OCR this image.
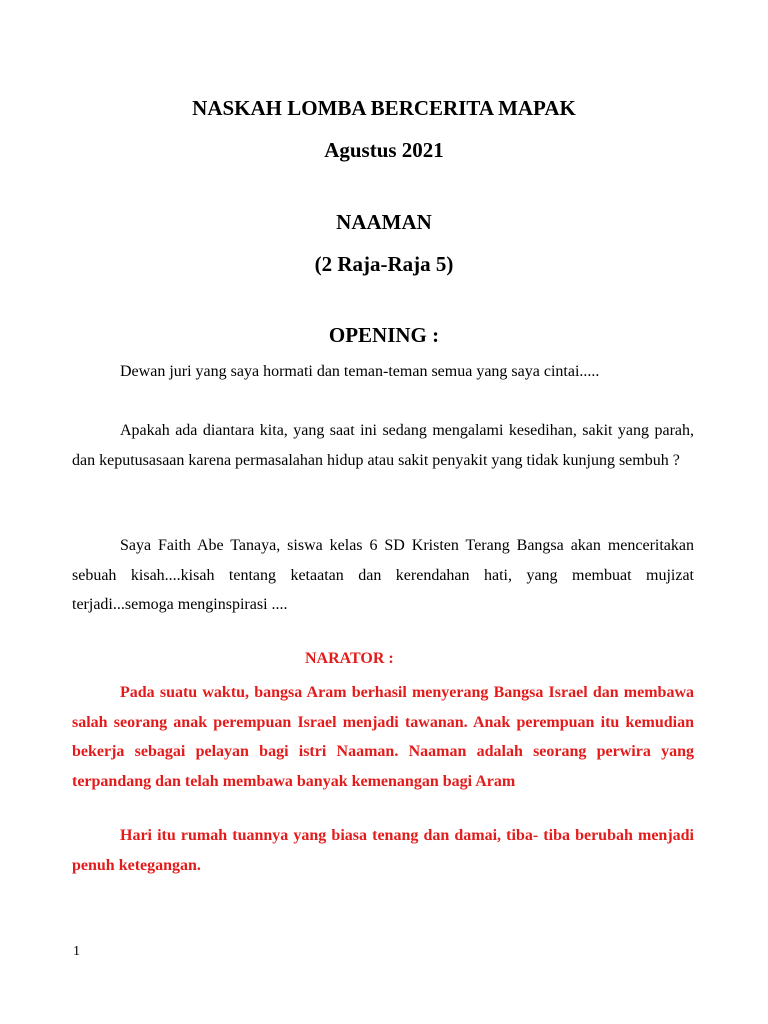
NASKAH LOMBA BERCERITA MAPAK
Agustus 2021
NAAMAN
(2 Raja-Raja 5)
OPENING :

Dewan juri yang saya hormati dan teman-teman semua yang saya cintai.....

Apakah ada diantara kita, yang saat ini sedang mengalami kesedihan, sakit yang parah, dan keputusasaan karena permasalahan hidup atau sakit penyakit yang tidak kunjung sembuh ?

Saya Faith Abe Tanaya, siswa kelas 6 SD Kristen Terang Bangsa akan menceritakan sebuah kisah....kisah tentang ketaatan dan kerendahan hati, yang membuat mujizat terjadi...semoga menginspirasi ....

NARATOR :

Pada suatu waktu, bangsa Aram berhasil menyerang Bangsa Israel dan membawa salah seorang anak perempuan Israel menjadi tawanan. Anak perempuan itu kemudian bekerja sebagai pelayan bagi istri Naaman. Naaman adalah seorang perwira yang terpandang dan telah membawa banyak kemenangan bagi Aram

Hari itu rumah tuannya yang biasa tenang dan damai, tiba- tiba berubah menjadi penuh ketegangan.

1
